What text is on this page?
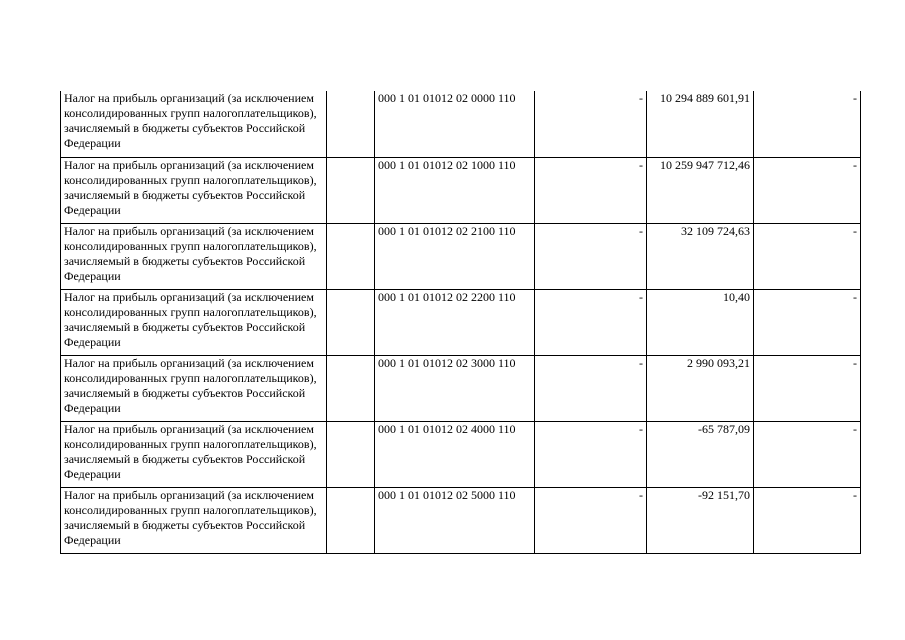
Налог на прибыль организаций (за исключением консолидированных групп налогоплательщиков), зачисляемый в бюджеты субъектов Российской Федерации		000 1 01 01012 02 0000 110	-	10 294 889 601,91	-
Налог на прибыль организаций (за исключением консолидированных групп налогоплательщиков), зачисляемый в бюджеты субъектов Российской Федерации		000 1 01 01012 02 1000 110	-	10 259 947 712,46	-
Налог на прибыль организаций (за исключением консолидированных групп налогоплательщиков), зачисляемый в бюджеты субъектов Российской Федерации		000 1 01 01012 02 2100 110	-	32 109 724,63	-
Налог на прибыль организаций (за исключением консолидированных групп налогоплательщиков), зачисляемый в бюджеты субъектов Российской Федерации		000 1 01 01012 02 2200 110	-	10,40	-
Налог на прибыль организаций (за исключением консолидированных групп налогоплательщиков), зачисляемый в бюджеты субъектов Российской Федерации		000 1 01 01012 02 3000 110	-	2 990 093,21	-
Налог на прибыль организаций (за исключением консолидированных групп налогоплательщиков), зачисляемый в бюджеты субъектов Российской Федерации		000 1 01 01012 02 4000 110	-	-65 787,09	-
Налог на прибыль организаций (за исключением консолидированных групп налогоплательщиков), зачисляемый в бюджеты субъектов Российской Федерации		000 1 01 01012 02 5000 110	-	-92 151,70	-
